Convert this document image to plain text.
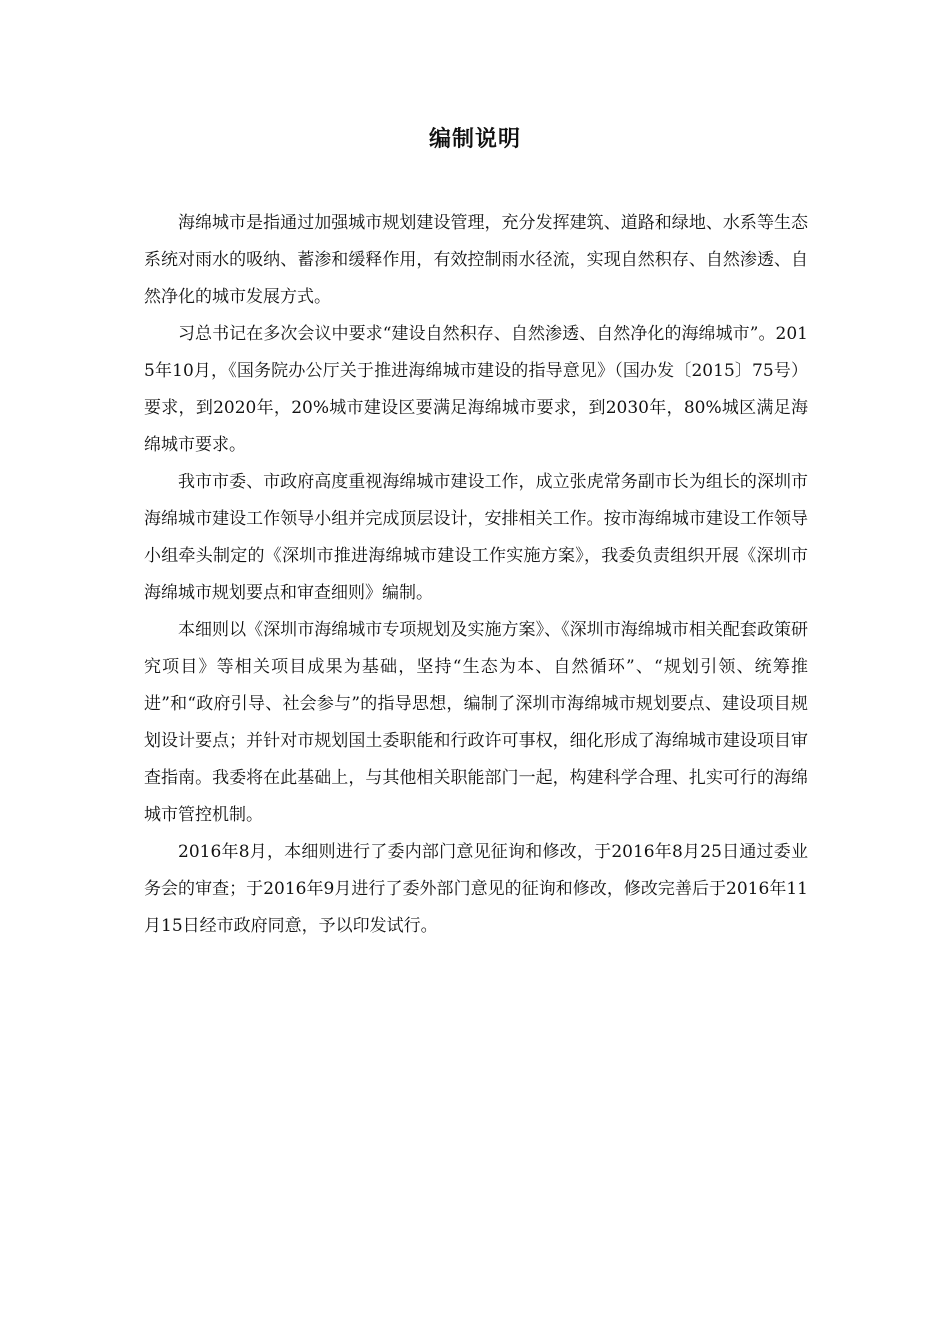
编制说明

海绵城市是指通过加强城市规划建设管理，充分发挥建筑、道路和绿地、水系等生态系统对雨水的吸纳、蓄渗和缓释作用，有效控制雨水径流，实现自然积存、自然渗透、自然净化的城市发展方式。

习总书记在多次会议中要求“建设自然积存、自然渗透、自然净化的海绵城市”。2015年10月，《国务院办公厅关于推进海绵城市建设的指导意见》（国办发〔2015〕75号）要求，到2020年，20%城市建设区要满足海绵城市要求，到2030年，80%城区满足海绵城市要求。

我市市委、市政府高度重视海绵城市建设工作，成立张虎常务副市长为组长的深圳市海绵城市建设工作领导小组并完成顶层设计，安排相关工作。按市海绵城市建设工作领导小组牵头制定的《深圳市推进海绵城市建设工作实施方案》，我委负责组织开展《深圳市海绵城市规划要点和审查细则》编制。

本细则以《深圳市海绵城市专项规划及实施方案》、《深圳市海绵城市相关配套政策研究项目》等相关项目成果为基础，坚持“生态为本、自然循环”、“规划引领、统筹推进”和“政府引导、社会参与”的指导思想，编制了深圳市海绵城市规划要点、建设项目规划设计要点；并针对市规划国土委职能和行政许可事权，细化形成了海绵城市建设项目审查指南。我委将在此基础上，与其他相关职能部门一起，构建科学合理、扎实可行的海绵城市管控机制。

2016年8月，本细则进行了委内部门意见征询和修改，于2016年8月25日通过委业务会的审查；于2016年9月进行了委外部门意见的征询和修改，修改完善后于2016年11月15日经市政府同意，予以印发试行。
